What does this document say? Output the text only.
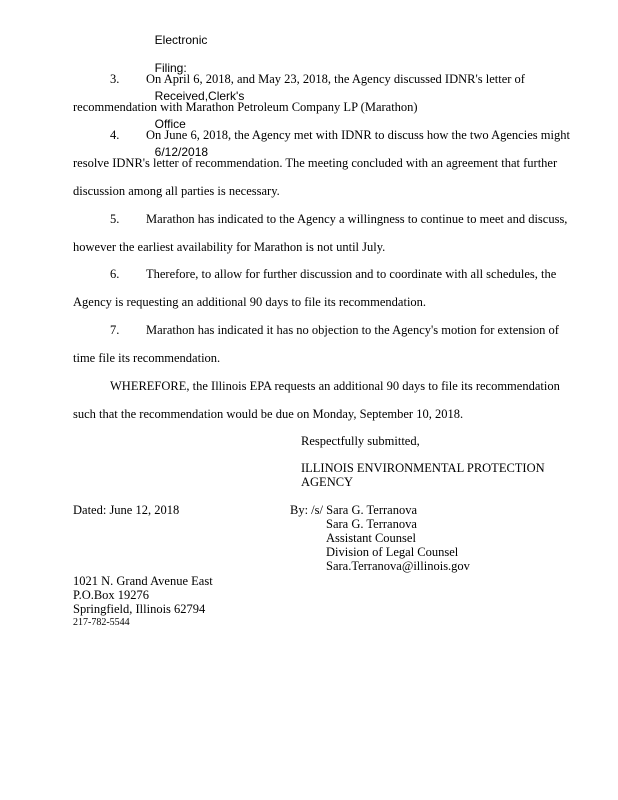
Electronic

Filing:

Received,Clerk's

Office

6/12/2018

3. On April 6, 2018, and May 23, 2018, the Agency discussed IDNR's letter of recommendation with Marathon Petroleum Company LP (Marathon)
4. On June 6, 2018, the Agency met with IDNR to discuss how the two Agencies might resolve IDNR's letter of recommendation. The meeting concluded with an agreement that further discussion among all parties is necessary.
5. Marathon has indicated to the Agency a willingness to continue to meet and discuss, however the earliest availability for Marathon is not until July.
6. Therefore, to allow for further discussion and to coordinate with all schedules, the Agency is requesting an additional 90 days to file its recommendation.
7. Marathon has indicated it has no objection to the Agency's motion for extension of time file its recommendation.
WHEREFORE, the Illinois EPA requests an additional 90 days to file its recommendation such that the recommendation would be due on Monday, September 10, 2018.
Respectfully submitted,
ILLINOIS ENVIRONMENTAL PROTECTION
AGENCY
Dated: June 12, 2018	By: /s/ Sara G. Terranova
Sara G. Terranova
Assistant Counsel
Division of Legal Counsel
Sara.Terranova@illinois.gov
1021 N. Grand Avenue East
P.O.Box 19276
Springfield, Illinois 62794
217-782-5544
